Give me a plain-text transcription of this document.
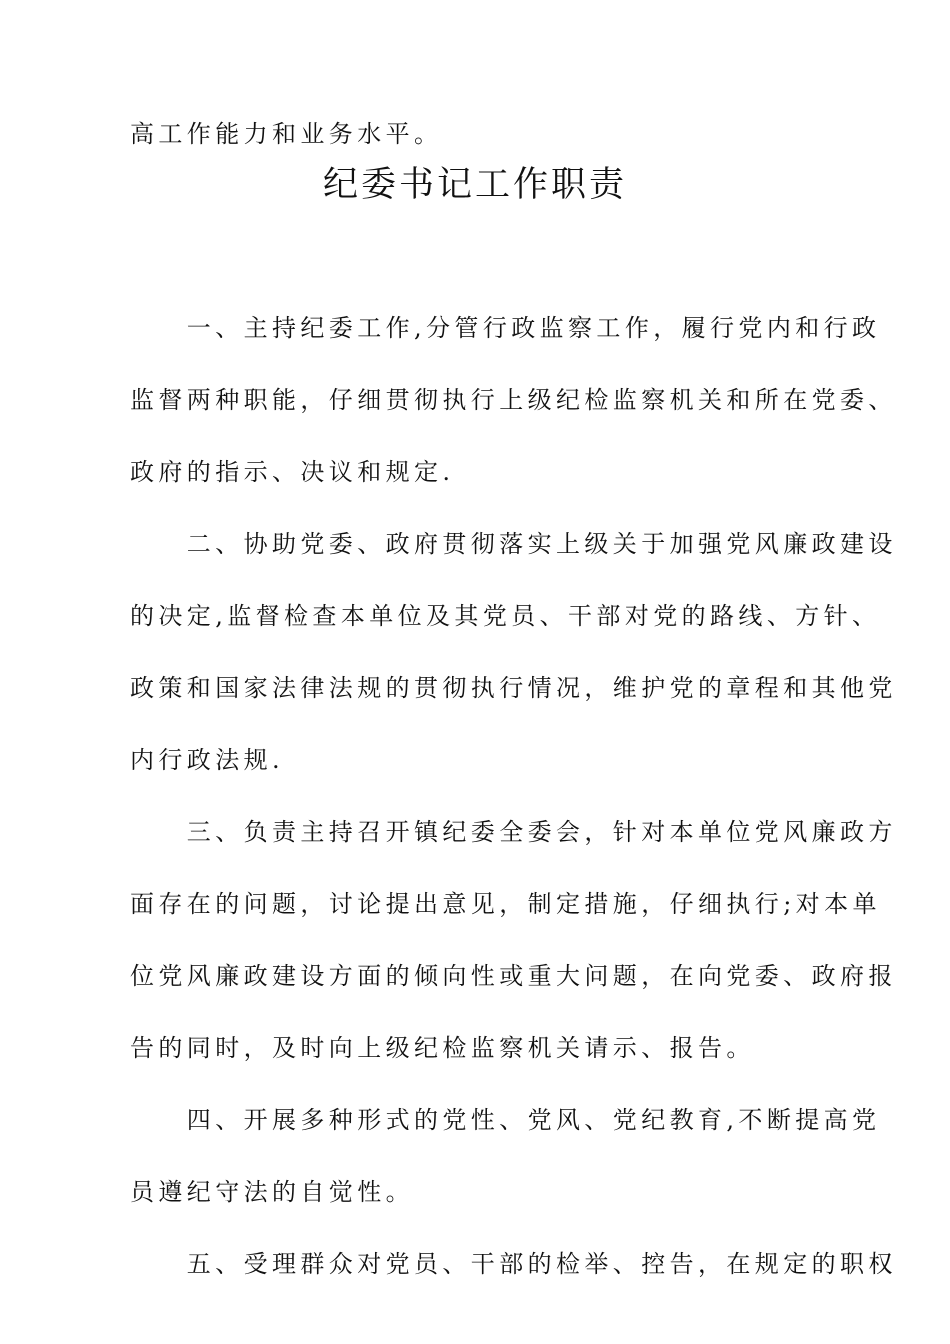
高工作能力和业务水平。
纪委书记工作职责

　　一、主持纪委工作,分管行政监察工作，履行党内和行政
监督两种职能，仔细贯彻执行上级纪检监察机关和所在党委、
政府的指示、决议和规定.

　　二、协助党委、政府贯彻落实上级关于加强党风廉政建设
的决定,监督检查本单位及其党员、干部对党的路线、方针、
政策和国家法律法规的贯彻执行情况，维护党的章程和其他党
内行政法规.

　　三、负责主持召开镇纪委全委会，针对本单位党风廉政方
面存在的问题，讨论提出意见，制定措施，仔细执行;对本单
位党风廉政建设方面的倾向性或重大问题，在向党委、政府报
告的同时，及时向上级纪检监察机关请示、报告。

　　四、开展多种形式的党性、党风、党纪教育,不断提高党
员遵纪守法的自觉性。

　　五、受理群众对党员、干部的检举、控告，在规定的职权
